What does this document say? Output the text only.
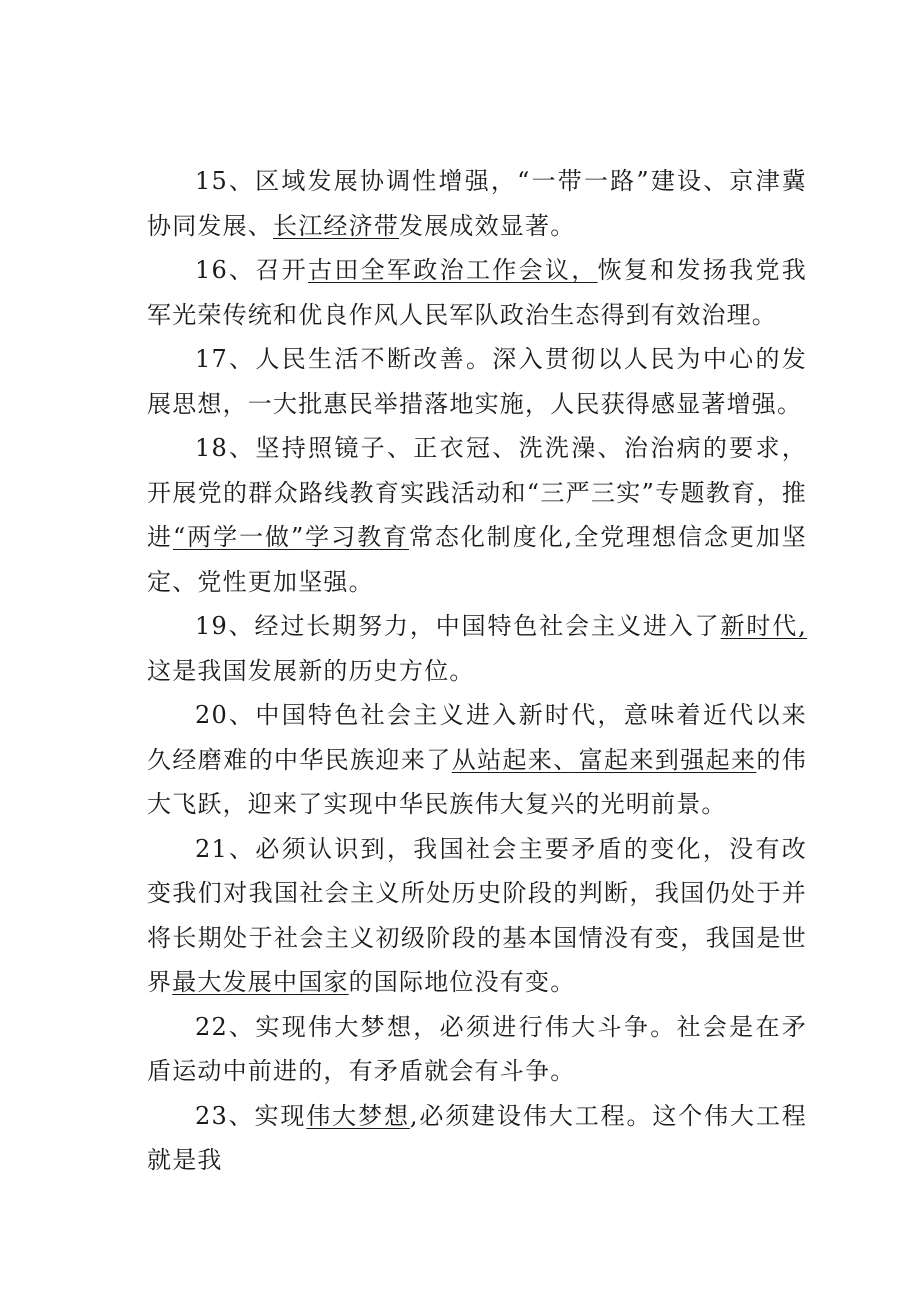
15、区域发展协调性增强，“一带一路”建设、京津冀协同发展、长江经济带发展成效显著。

16、召开古田全军政治工作会议，恢复和发扬我党我军光荣传统和优良作风人民军队政治生态得到有效治理。

17、人民生活不断改善。深入贯彻以人民为中心的发展思想，一大批惠民举措落地实施，人民获得感显著增强。

18、坚持照镜子、正衣冠、洗洗澡、治治病的要求，开展党的群众路线教育实践活动和“三严三实”专题教育，推进“两学一做”学习教育常态化制度化,全党理想信念更加坚定、党性更加坚强。

19、经过长期努力，中国特色社会主义进入了新时代,这是我国发展新的历史方位。

20、中国特色社会主义进入新时代，意味着近代以来久经磨难的中华民族迎来了从站起来、富起来到强起来的伟大飞跃，迎来了实现中华民族伟大复兴的光明前景。

21、必须认识到，我国社会主要矛盾的变化，没有改变我们对我国社会主义所处历史阶段的判断，我国仍处于并将长期处于社会主义初级阶段的基本国情没有变，我国是世界最大发展中国家的国际地位没有变。

22、实现伟大梦想，必须进行伟大斗争。社会是在矛盾运动中前进的，有矛盾就会有斗争。

23、实现伟大梦想,必须建设伟大工程。这个伟大工程就是我
